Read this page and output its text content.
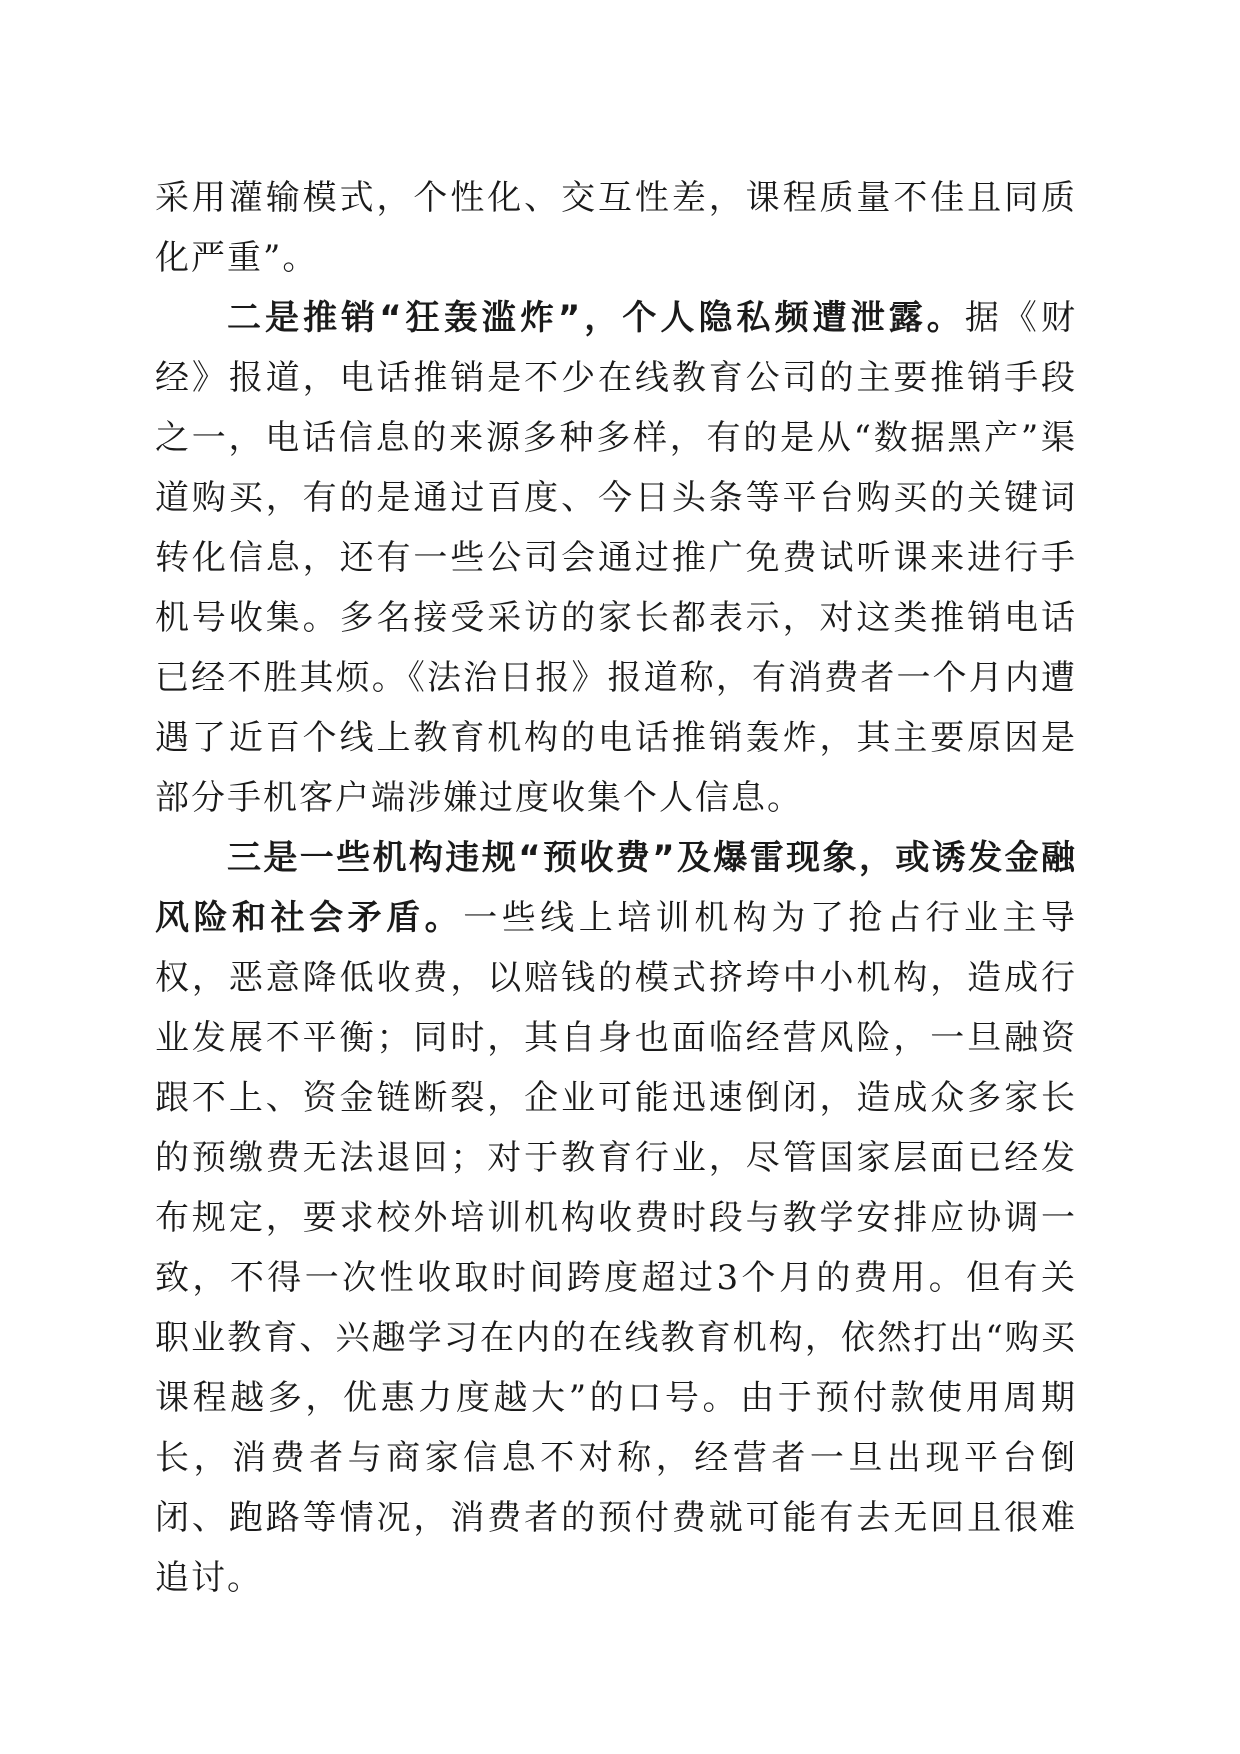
采用灌输模式，个性化、交互性差，课程质量不佳且同质化严重”。

二是推销“狂轰滥炸”，个人隐私频遭泄露。据《财经》报道，电话推销是不少在线教育公司的主要推销手段之一，电话信息的来源多种多样，有的是从“数据黑产”渠道购买，有的是通过百度、今日头条等平台购买的关键词转化信息，还有一些公司会通过推广免费试听课来进行手机号收集。多名接受采访的家长都表示，对这类推销电话已经不胜其烦。《法治日报》报道称，有消费者一个月内遭遇了近百个线上教育机构的电话推销轰炸，其主要原因是部分手机客户端涉嫌过度收集个人信息。

三是一些机构违规“预收费”及爆雷现象，或诱发金融风险和社会矛盾。一些线上培训机构为了抢占行业主导权，恶意降低收费，以赔钱的模式挤垮中小机构，造成行业发展不平衡；同时，其自身也面临经营风险，一旦融资跟不上、资金链断裂，企业可能迅速倒闭，造成众多家长的预缴费无法退回；对于教育行业，尽管国家层面已经发布规定，要求校外培训机构收费时段与教学安排应协调一致，不得一次性收取时间跨度超过3个月的费用。但有关职业教育、兴趣学习在内的在线教育机构，依然打出“购买课程越多，优惠力度越大”的口号。由于预付款使用周期长，消费者与商家信息不对称，经营者一旦出现平台倒闭、跑路等情况，消费者的预付费就可能有去无回且很难追讨。
